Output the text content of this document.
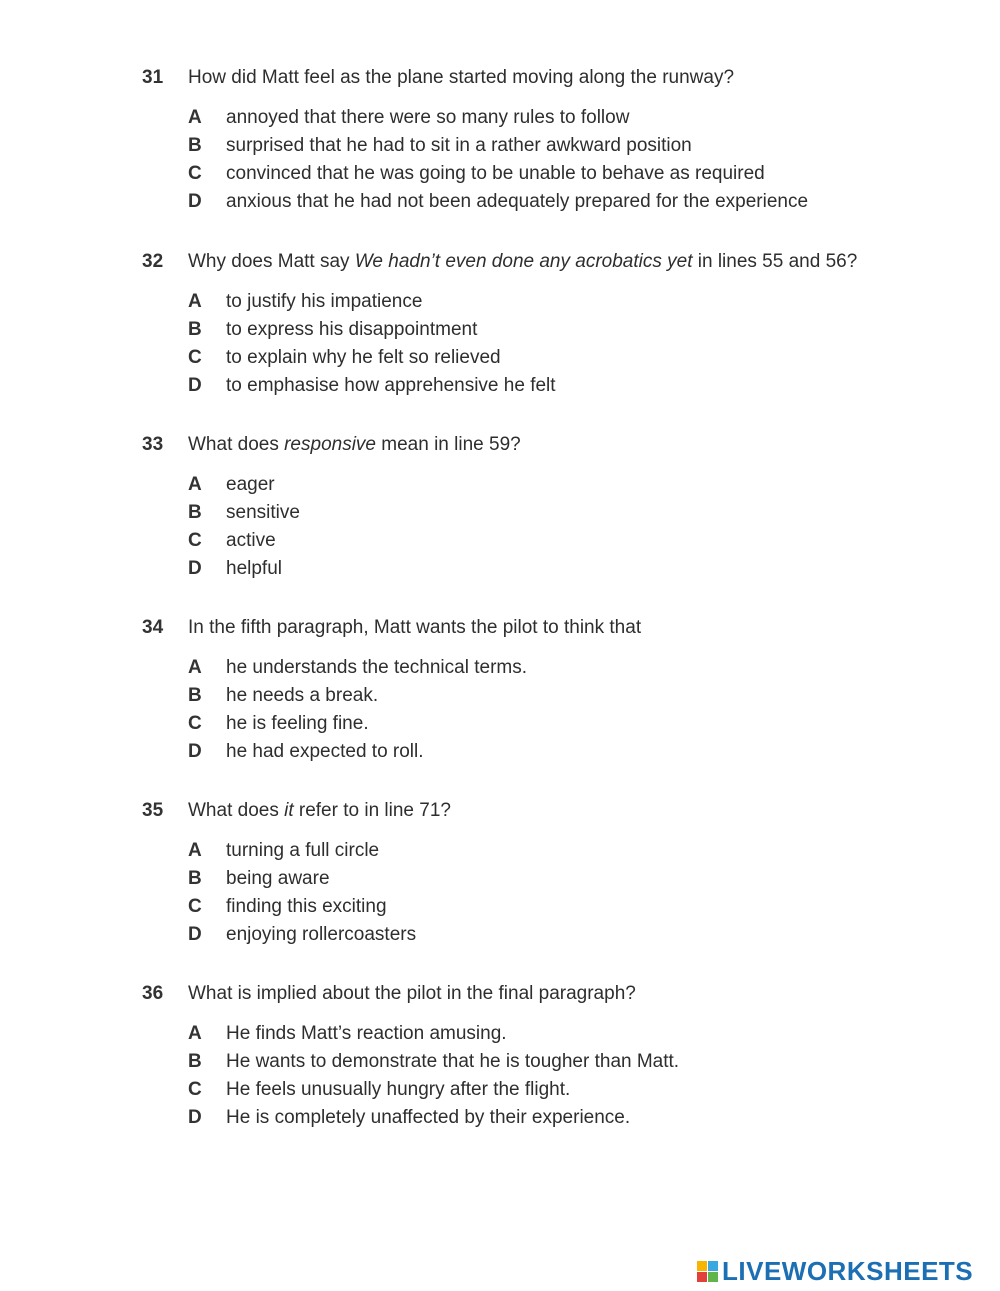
31	How did Matt feel as the plane started moving along the runway?
A	annoyed that there were so many rules to follow
B	surprised that he had to sit in a rather awkward position
C	convinced that he was going to be unable to behave as required
D	anxious that he had not been adequately prepared for the experience
32	Why does Matt say We hadn’t even done any acrobatics yet in lines 55 and 56?
A	to justify his impatience
B	to express his disappointment
C	to explain why he felt so relieved
D	to emphasise how apprehensive he felt
33	What does responsive mean in line 59?
A	eager
B	sensitive
C	active
D	helpful
34	In the fifth paragraph, Matt wants the pilot to think that
A	he understands the technical terms.
B	he needs a break.
C	he is feeling fine.
D	he had expected to roll.
35	What does it refer to in line 71?
A	turning a full circle
B	being aware
C	finding this exciting
D	enjoying rollercoasters
36	What is implied about the pilot in the final paragraph?
A	He finds Matt’s reaction amusing.
B	He wants to demonstrate that he is tougher than Matt.
C	He feels unusually hungry after the flight.
D	He is completely unaffected by their experience.
LIVEWORKSHEETS
